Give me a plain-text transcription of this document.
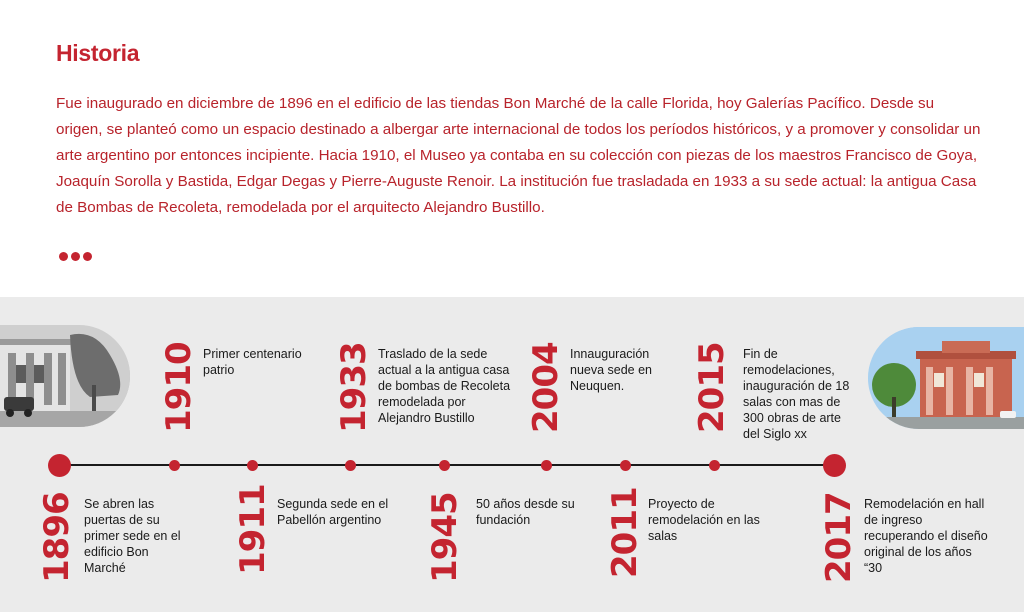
Historia

Fue inaugurado en diciembre de 1896 en el edificio de las tiendas Bon Marché de la calle Florida, hoy Galerías Pacífico. Desde su origen, se planteó como un espacio destinado a albergar arte internacional de todos los períodos históricos, y a promover y consolidar un arte argentino por entonces incipiente. Hacia 1910, el Museo ya contaba en su colección con piezas de los maestros Francisco de Goya, Joaquín Sorolla y Bastida, Edgar Degas y Pierre-Auguste Renoir. La institución fue trasladada en 1933 a su sede actual: la antigua Casa de Bombas de Recoleta, remodelada por el arquitecto Alejandro Bustillo.

1910 Primer centenario patrio	1933 Traslado de la sede actual a la antigua casa de bombas de Recoleta remodelada por Alejandro Bustillo	2004 Innauguración nueva sede en Neuquen.	2015 Fin de remodelaciones, inauguración de 18 salas con mas de 300 obras de arte del Siglo xx

1896 Se abren las puertas de su primer sede en el edificio Bon Marché	1911 Segunda sede en el Pabellón argentino	1945 50 años desde su fundación	2011 Proyecto de remodelación en las salas	2017 Remodelación en hall de ingreso recuperando el diseño original de los años “30
